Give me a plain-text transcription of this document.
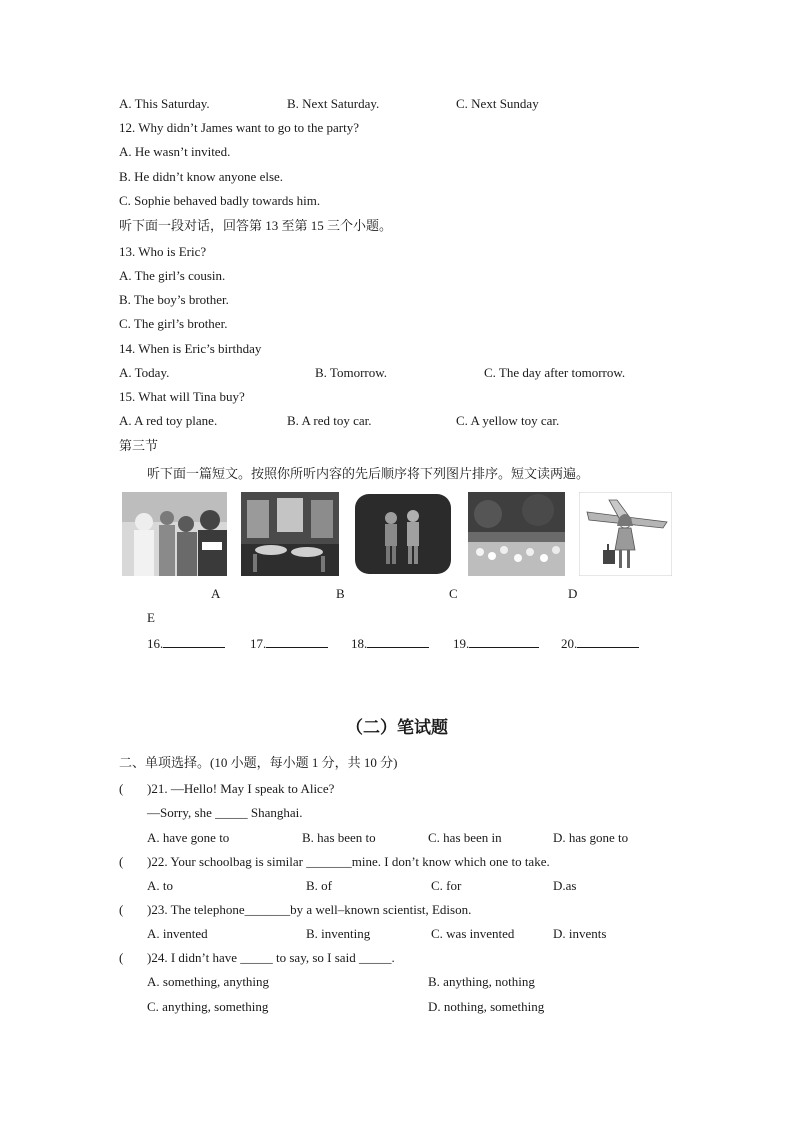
A. This Saturday.	B. Next Saturday.	C. Next Sunday
12. Why didn’t James want to go to the party?
A. He wasn’t invited.
B. He didn’t know anyone else.
C. Sophie behaved badly towards him.
听下面一段对话，回答第 13 至第 15 三个小题。
13. Who is Eric?
A. The girl’s cousin.
B. The boy’s brother.
C. The girl’s brother.
14. When is Eric’s birthday
A. Today.	B. Tomorrow.	C. The day after tomorrow.
15. What will Tina buy?
A. A red toy plane.	B. A red toy car.	C. A yellow toy car.
第三节
听下面一篇短文。按照你所听内容的先后顺序将下列图片排序。短文读两遍。
A	B	C	D
E
16.	17.	18.	19.	20.
（二）笔试题
二、单项选择。(10 小题，每小题 1 分，共 10 分)
( )21. —Hello! May I speak to Alice?
—Sorry, she _____ Shanghai.
A. have gone to	B. has been to	C. has been in	D. has gone to
( )22. Your schoolbag is similar _______mine. I don’t know which one to take.
A. to	B. of	C. for	D.as
( )23. The telephone_______by a well–known scientist, Edison.
A. invented	B. inventing	C. was invented	D. invents
( )24. I didn’t have _____ to say, so I said _____.
A. something, anything	B. anything, nothing
C. anything, something	D. nothing, something
